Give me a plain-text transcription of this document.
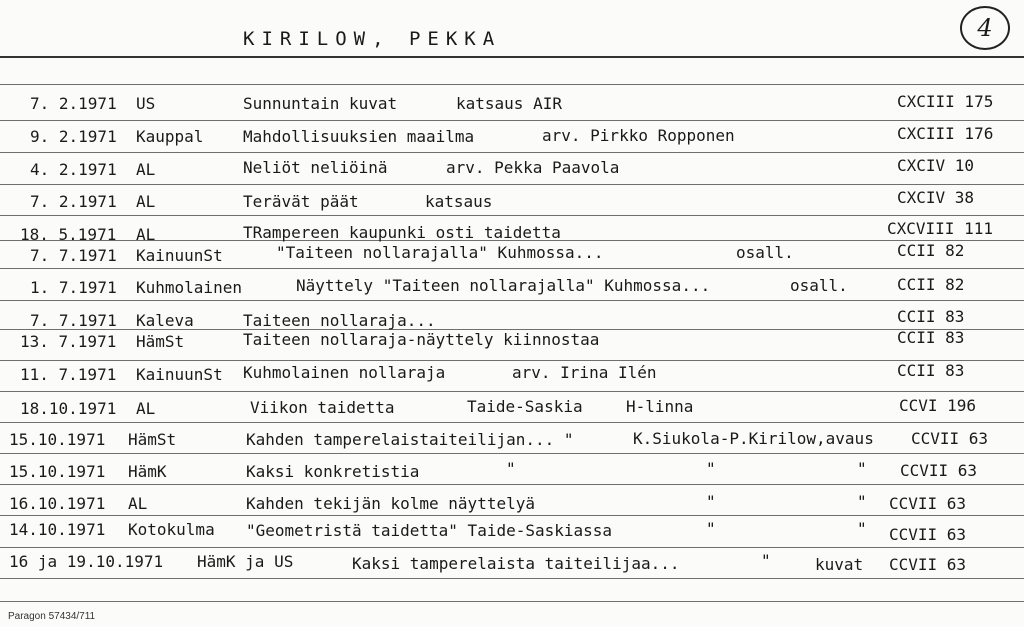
KIRILOW, PEKKA	4
7. 2.1971 US	Sunnuntain kuvat	katsaus AIR	CXCIII 175
9. 2.1971 Kauppal Mahdollisuuksien maailma	arv. Pirkko Ropponen	CXCIII 176
4. 2.1971 AL	Neliöt neliöinä	arv. Pekka Paavola	CXCIV 10
7. 2.1971 AL	Terävät päät	katsaus	CXCIV 38
18. 5.1971 AL	TRampereen kaupunki osti taidetta	CXCVIII 111
7. 7.1971 KainuunSt	"Taiteen nollarajalla" Kuhmossa...	osall.	CCII 82
1. 7.1971 Kuhmolainen	Näyttely "Taiteen nollarajalla" Kuhmossa...	osall.	CCII 82
7. 7.1971 Kaleva	Taiteen nollaraja...	CCII 83
13. 7.1971 HämSt	Taiteen nollaraja-näyttely kiinnostaa	CCII 83
11. 7.1971 KainuunSt Kuhmolainen nollaraja	arv. Irina Ilén	CCII 83
18.10.1971 AL	Viikon taidetta	Taide-Saskia	H-linna	CCVI 196
15.10.1971 HämSt	Kahden tamperelaistaiteilijan... "	K.Siukola-P.Kirilow,avaus CCVII 63
15.10.1971 HämK	Kaksi konkretistia	"	"	" CCVII 63
16.10.1971 AL	Kahden tekijän kolme näyttelyä	"	" CCVII 63
14.10.1971 Kotokulma "Geometristä taidetta" Taide-Saskiassa	"	" CCVII 63
16 ja 19.10.1971 HämK ja US	Kaksi tamperelaista taiteilijaa...	"	kuvat CCVII 63
Paragon 57434/711
